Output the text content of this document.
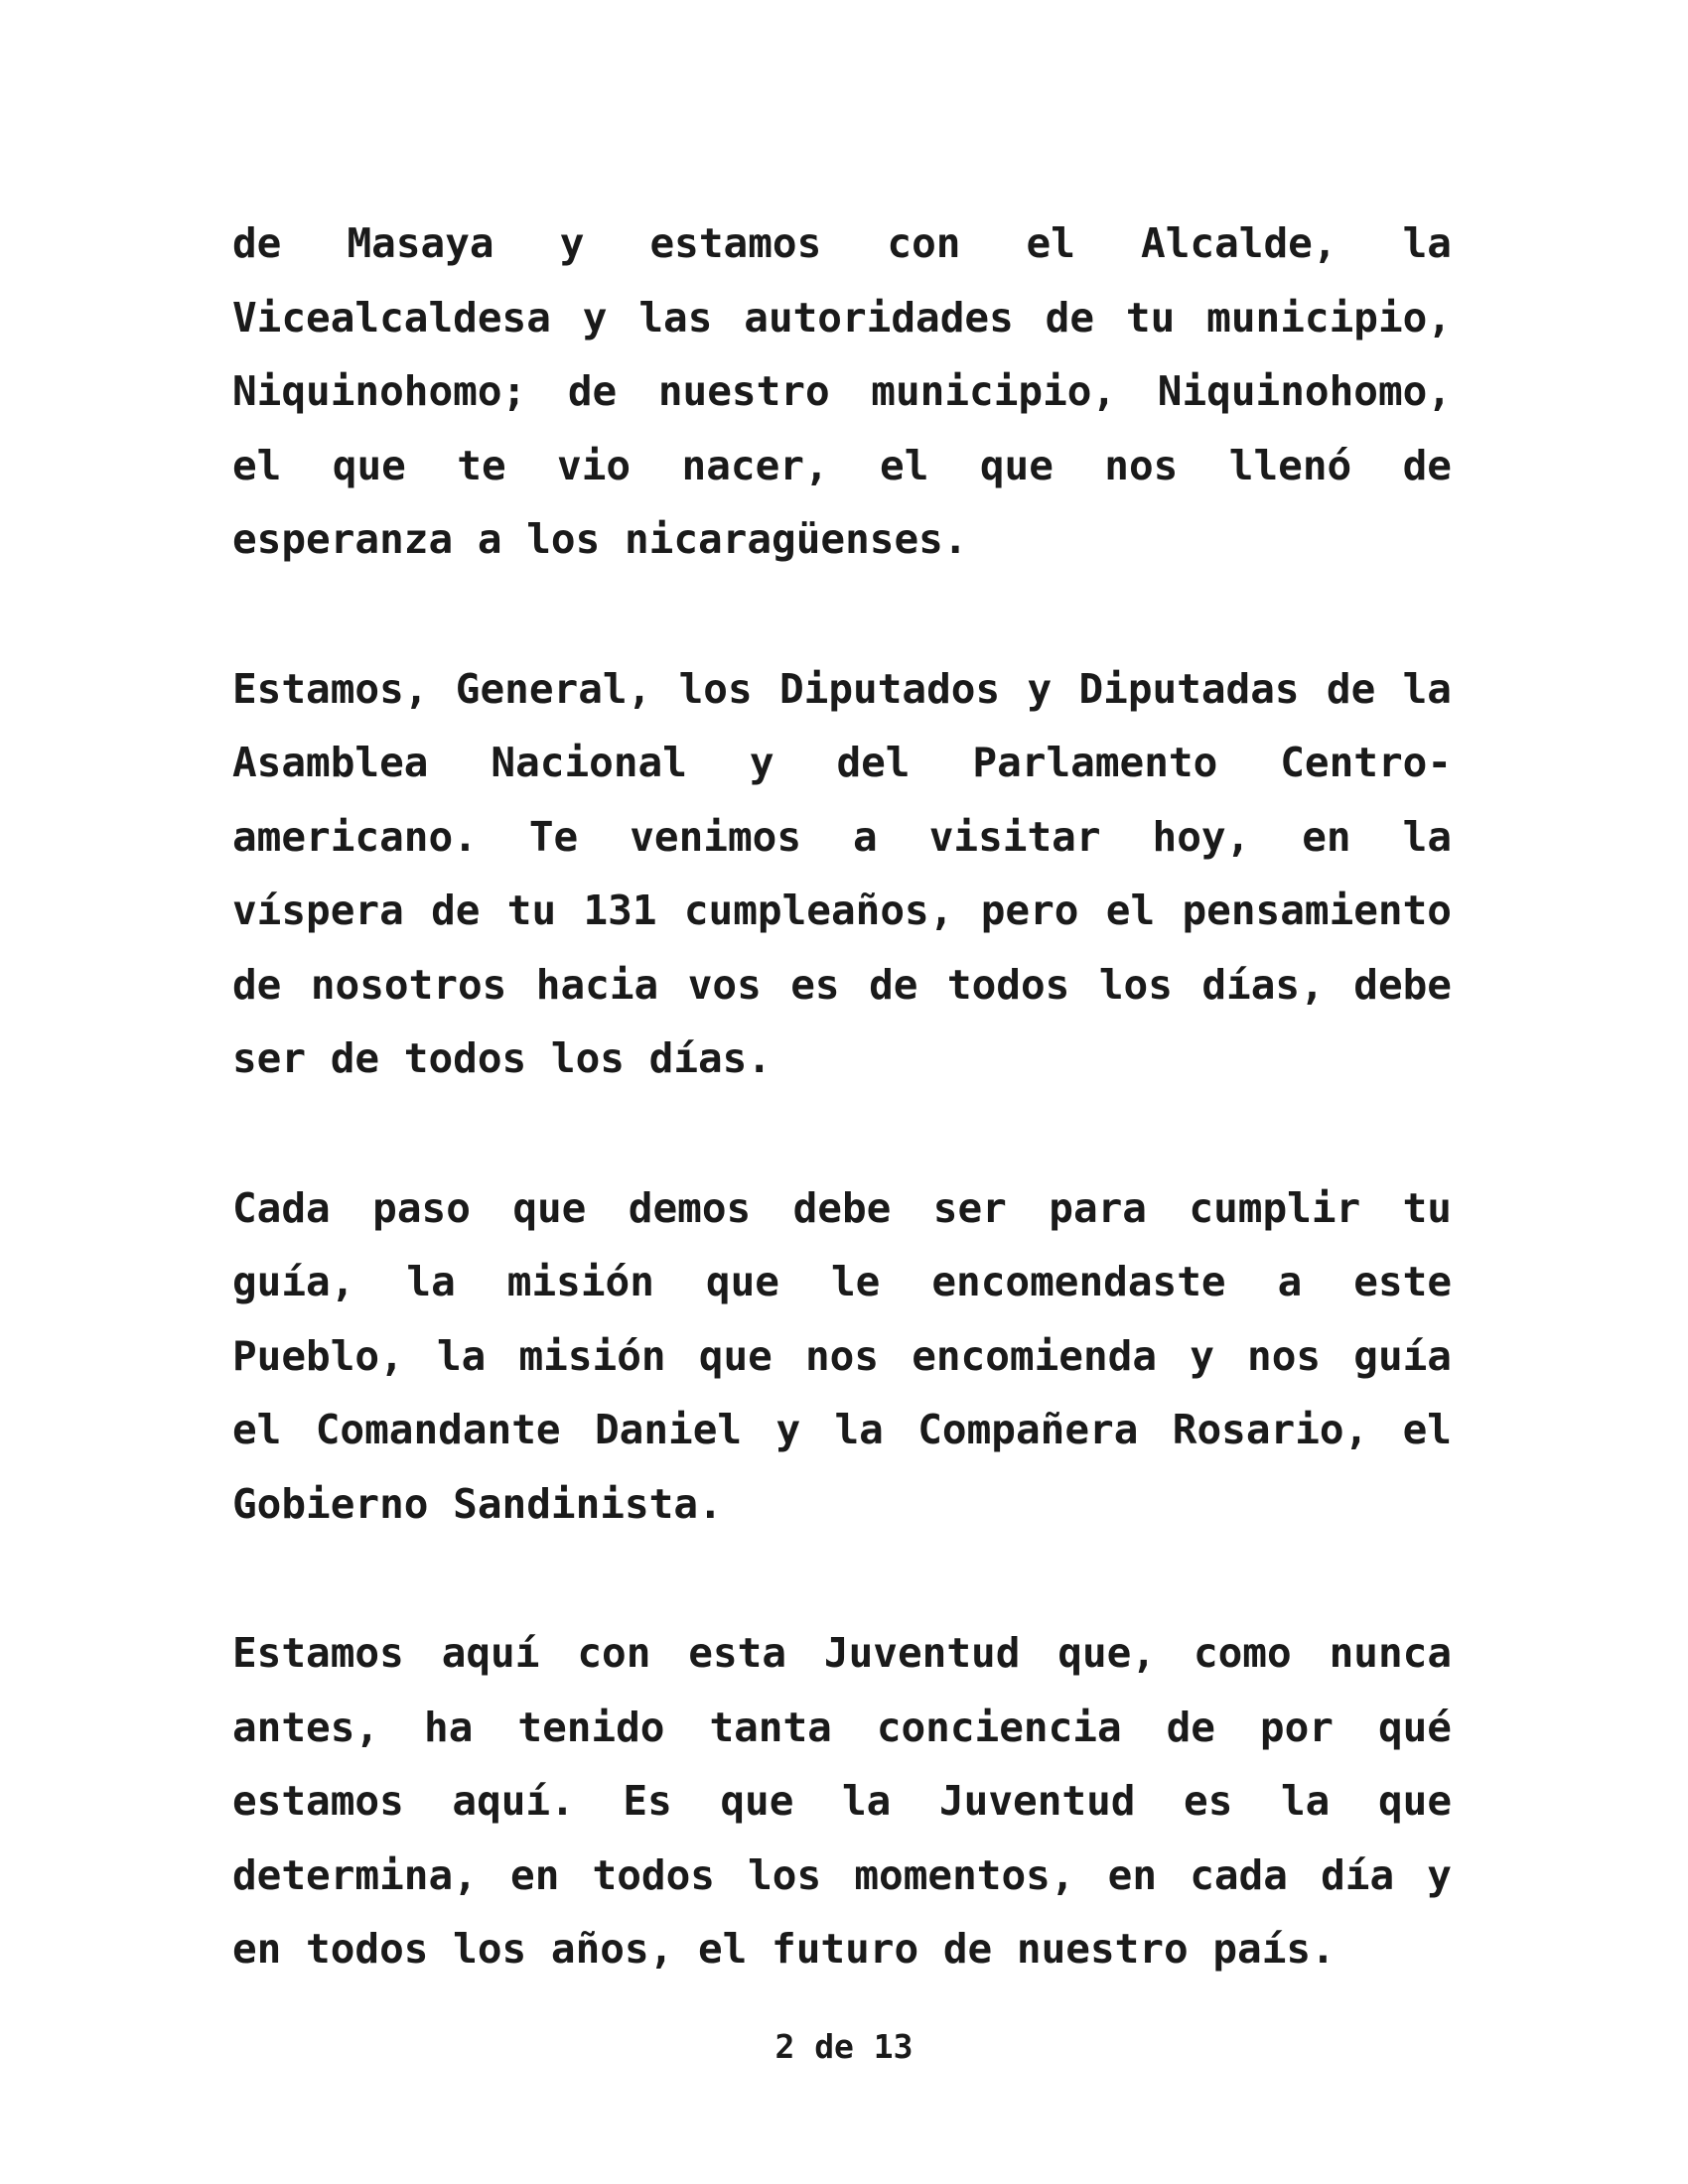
de Masaya y estamos con el Alcalde, la Vicealcaldesa y las autoridades de tu municipio, Niquinohomo; de nuestro municipio, Niquinohomo, el que te vio nacer, el que nos llenó de esperanza a los nicaragüenses.

Estamos, General, los Diputados y Diputadas de la Asamblea Nacional y del Parlamento Centro-americano. Te venimos a visitar hoy, en la víspera de tu 131 cumpleaños, pero el pensamiento de nosotros hacia vos es de todos los días, debe ser de todos los días.

Cada paso que demos debe ser para cumplir tu guía, la misión que le encomendaste a este Pueblo, la misión que nos encomienda y nos guía el Comandante Daniel y la Compañera Rosario, el Gobierno Sandinista.

Estamos aquí con esta Juventud que, como nunca antes, ha tenido tanta conciencia de por qué estamos aquí. Es que la Juventud es la que determina, en todos los momentos, en cada día y en todos los años, el futuro de nuestro país.

2 de 13
